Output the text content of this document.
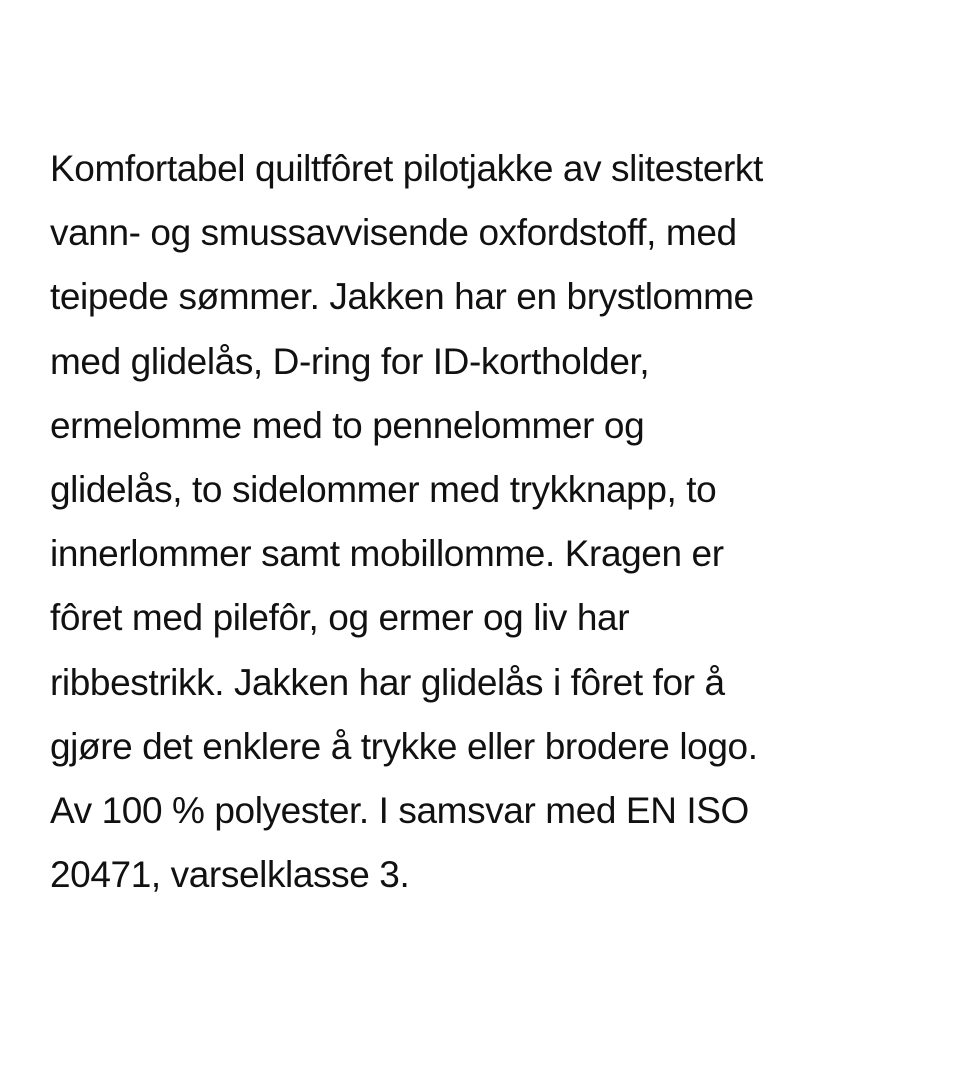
Komfortabel quiltfôret pilotjakke av slitesterkt
vann- og smussavvisende oxfordstoff, med
teipede sømmer. Jakken har en brystlomme
med glidelås, D-ring for ID-kortholder,
ermelomme med to pennelommer og
glidelås, to sidelommer med trykknapp, to
innerlommer samt mobillomme. Kragen er
fôret med pilefôr, og ermer og liv har
ribbestrikk. Jakken har glidelås i fôret for å
gjøre det enklere å trykke eller brodere logo.
Av 100 % polyester. I samsvar med EN ISO
20471, varselklasse 3.
